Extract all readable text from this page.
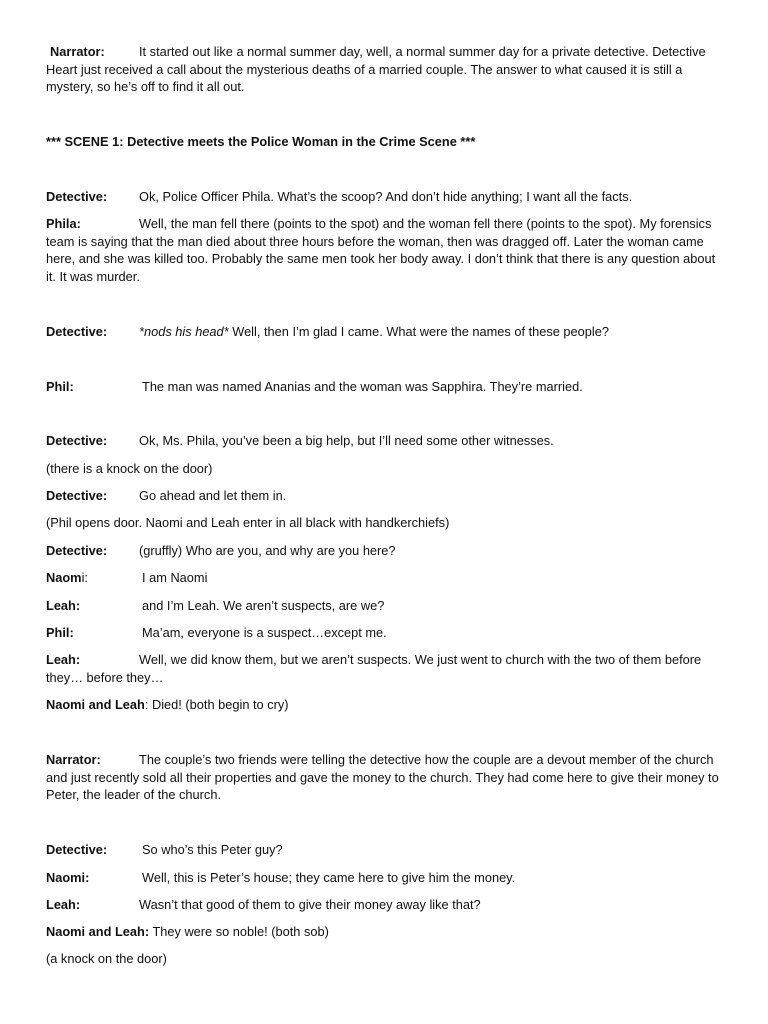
Narrator:	It started out like a normal summer day, well, a normal summer day for a private detective. Detective Heart just received a call about the mysterious deaths of a married couple. The answer to what caused it is still a mystery, so he’s off to find it all out.

*** SCENE 1: Detective meets the Police Woman in the Crime Scene ***

Detective: Ok, Police Officer Phila. What’s the scoop? And don’t hide anything; I want all the facts.

Phila:	Well, the man fell there (points to the spot) and the woman fell there (points to the spot). My forensics team is saying that the man died about three hours before the woman, then was dragged off. Later the woman came here, and she was killed too. Probably the same men took her body away. I don’t think that there is any question about it. It was murder.

Detective: *nods his head* Well, then I’m glad I came. What were the names of these people?

Phil:	The man was named Ananias and the woman was Sapphira. They’re married.

Detective: Ok, Ms. Phila, you’ve been a big help, but I’ll need some other witnesses.

(there is a knock on the door)

Detective: Go ahead and let them in.

(Phil opens door. Naomi and Leah enter in all black with handkerchiefs)

Detective: (gruffly) Who are you, and why are you here?

Naomi:	I am Naomi

Leah:	and I’m Leah. We aren’t suspects, are we?

Phil:	Ma’am, everyone is a suspect…except me.

Leah:	Well, we did know them, but we aren’t suspects. We just went to church with the two of them before they… before they…

Naomi and Leah: Died! (both begin to cry)

Narrator:	The couple’s two friends were telling the detective how the couple are a devout member of the church and just recently sold all their properties and gave the money to the church. They had come here to give their money to Peter, the leader of the church.

Detective:	So who’s this Peter guy?

Naomi:	Well, this is Peter’s house; they came here to give him the money.

Leah:	Wasn’t that good of them to give their money away like that?

Naomi and Leah: They were so noble! (both sob)

(a knock on the door)
